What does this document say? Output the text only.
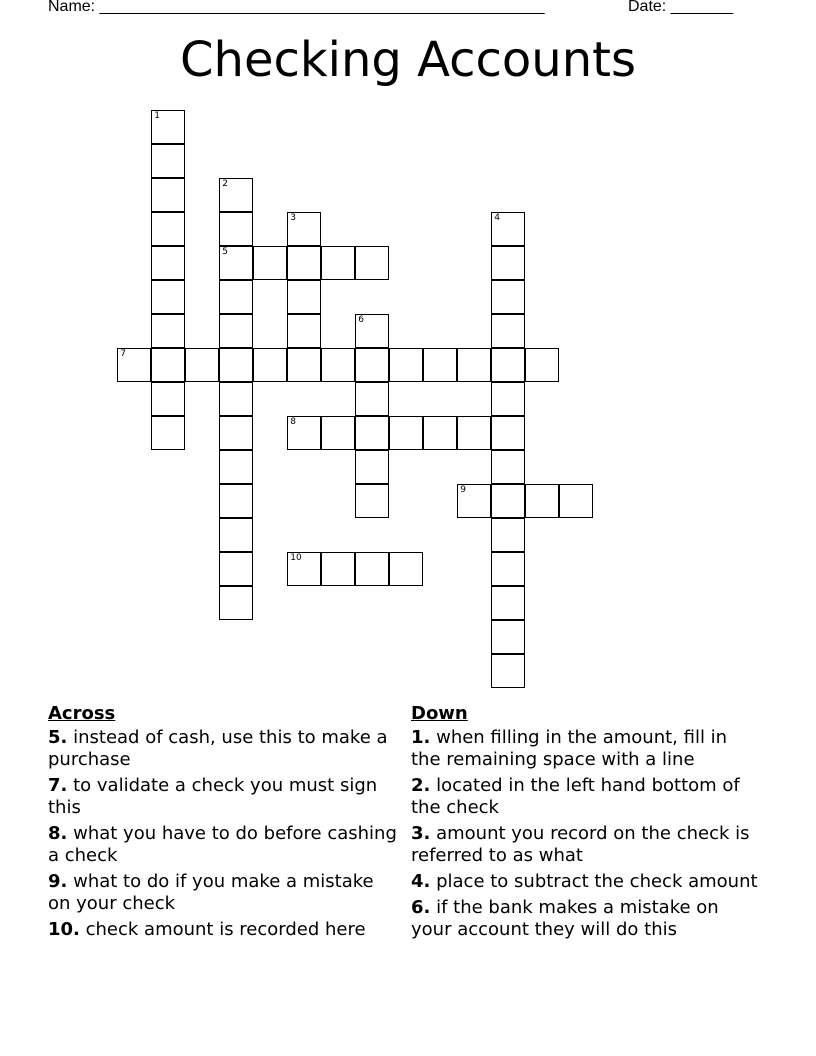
Name: __________________________________________________	Date: _______
Checking Accounts
1
2
5
3	4
6
7
8
9
10
Across
5. instead of cash, use this to make a purchase
7. to validate a check you must sign this
8. what you have to do before cashing a check
9. what to do if you make a mistake on your check
10. check amount is recorded here
Down
1. when filling in the amount, fill in the remaining space with a line
2. located in the left hand bottom of the check
3. amount you record on the check is referred to as what
4. place to subtract the check amount
6. if the bank makes a mistake on your account they will do this
